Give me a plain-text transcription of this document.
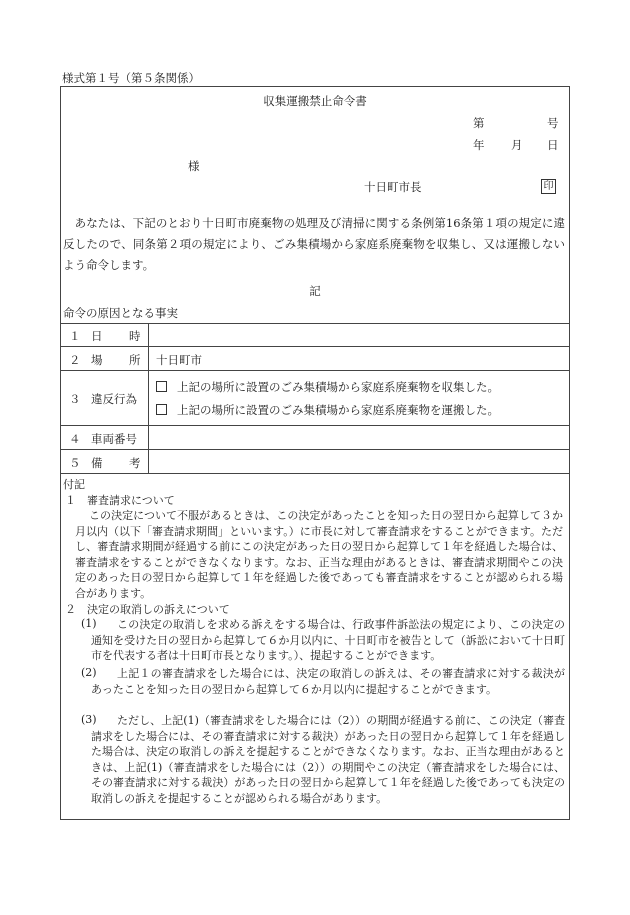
様式第１号（第５条関係）
収集運搬禁止命令書
第	号
年 月 日
様
十日町市長	印
　あなたは、下記のとおり十日町市廃棄物の処理及び清掃に関する条例第16条第１項の規定に違反したので、同条第２項の規定により、ごみ集積場から家庭系廃棄物を収集し、又は運搬しないよう命令します。
記
命令の原因となる事実
１ 日 時
２ 場 所 十日町市
３ 違反行為
上記の場所に設置のごみ集積場から家庭系廃棄物を収集した。
上記の場所に設置のごみ集積場から家庭系廃棄物を運搬した。
４ 車両番号
５ 備 考
付記
１　審査請求について
この決定について不服があるときは、この決定があったことを知った日の翌日から起算して３か月以内（以下「審査請求期間」といいます。）に市長に対して審査請求をすることができます。ただし、審査請求期間が経過する前にこの決定があった日の翌日から起算して１年を経過した場合は、審査請求をすることができなくなります。なお、正当な理由があるときは、審査請求期間やこの決定のあった日の翌日から起算して１年を経過した後であっても審査請求をすることが認められる場合があります。
２　決定の取消しの訴えについて
(1)	この決定の取消しを求める訴えをする場合は、行政事件訴訟法の規定により、この決定の通知を受けた日の翌日から起算して６か月以内に、十日町市を被告として（訴訟において十日町市を代表する者は十日町市長となります。）、提起することができます。
(2)	上記１の審査請求をした場合には、決定の取消しの訴えは、その審査請求に対する裁決があったことを知った日の翌日から起算して６か月以内に提起することができます。
(3)	ただし、上記(1)（審査請求をした場合には（2））の期間が経過する前に、この決定（審査請求をした場合には、その審査請求に対する裁決）があった日の翌日から起算して１年を経過した場合は、決定の取消しの訴えを提起することができなくなります。なお、正当な理由があるときは、上記(1)（審査請求をした場合には（2））の期間やこの決定（審査請求をした場合には、その審査請求に対する裁決）があった日の翌日から起算して１年を経過した後であっても決定の取消しの訴えを提起することが認められる場合があります。
